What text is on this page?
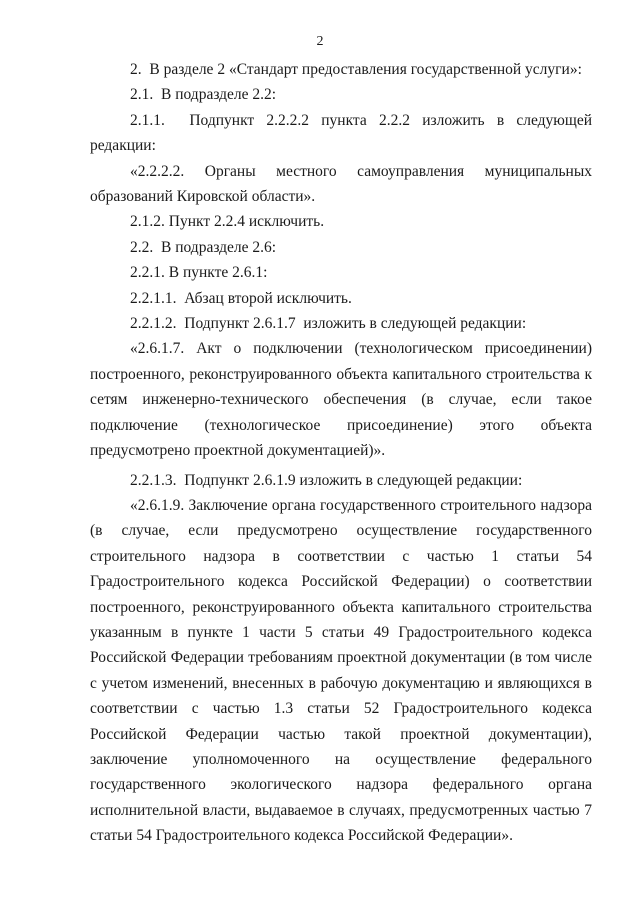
2

2.  В разделе 2 «Стандарт предоставления государственной услуги»:

2.1.  В подразделе 2.2:

2.1.1.  Подпункт 2.2.2.2 пункта 2.2.2 изложить в следующей редакции:

«2.2.2.2. Органы местного самоуправления муниципальных образований Кировской области».

2.1.2. Пункт 2.2.4 исключить.

2.2.  В подразделе 2.6:

2.2.1. В пункте 2.6.1:

2.2.1.1.  Абзац второй исключить.

2.2.1.2.  Подпункт 2.6.1.7  изложить в следующей редакции:

«2.6.1.7. Акт о подключении (технологическом присоединении) построенного, реконструированного объекта капитального строительства к сетям инженерно-технического обеспечения (в случае, если такое подключение (технологическое присоединение) этого объекта предусмотрено проектной документацией)».

2.2.1.3.  Подпункт 2.6.1.9 изложить в следующей редакции:

«2.6.1.9. Заключение органа государственного строительного надзора (в случае, если предусмотрено осуществление государственного строительного надзора в соответствии с частью 1 статьи 54 Градостроительного кодекса Российской Федерации) о соответствии построенного, реконструированного объекта капитального строительства указанным в пункте 1 части 5 статьи 49 Градостроительного кодекса Российской Федерации требованиям проектной документации (в том числе с учетом изменений, внесенных в рабочую документацию и являющихся в соответствии с частью 1.3 статьи 52 Градостроительного кодекса Российской Федерации частью такой проектной документации), заключение уполномоченного на осуществление федерального государственного экологического надзора федерального органа исполнительной власти, выдаваемое в случаях, предусмотренных частью 7 статьи 54 Градостроительного кодекса Российской Федерации».
